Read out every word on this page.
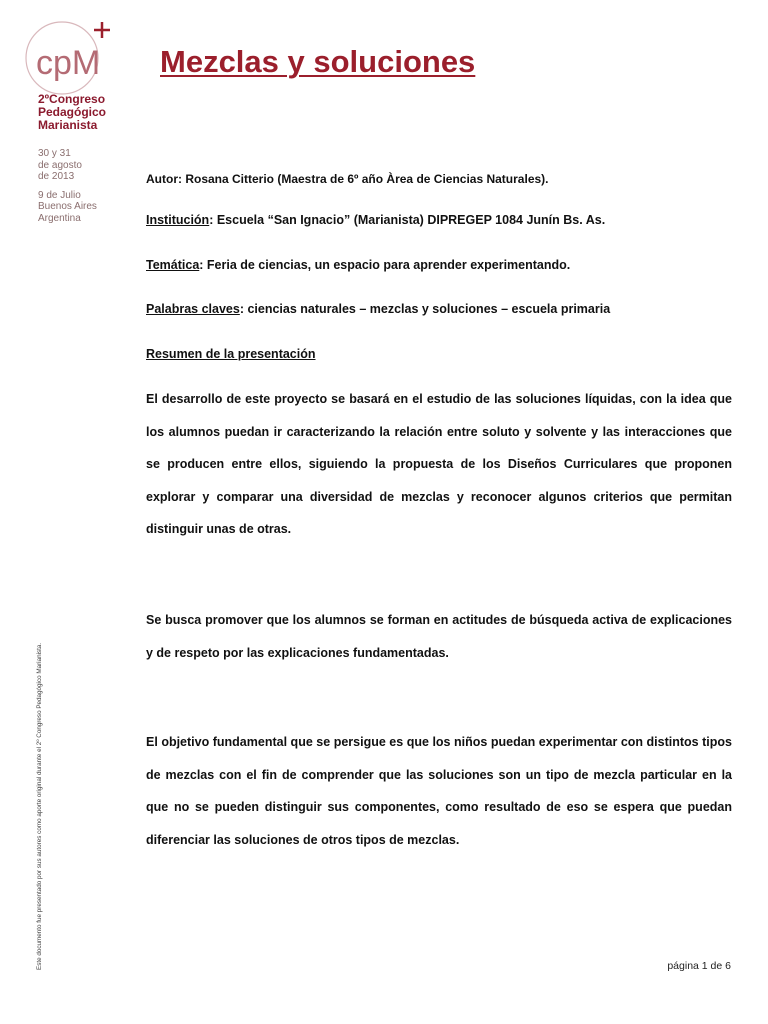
cpM
2ºCongreso
Pedagógico
Marianista
30 y 31
de agosto
de 2013
9 de Julio
Buenos Aires
Argentina
Mezclas y soluciones
Autor: Rosana Citterio (Maestra de 6º año Àrea de Ciencias Naturales).
Institución: Escuela “San Ignacio” (Marianista) DIPREGEP 1084 Junín Bs. As.
Temática: Feria de ciencias, un espacio para aprender experimentando.
Palabras claves: ciencias naturales – mezclas y soluciones – escuela primaria
Resumen de la presentación

El desarrollo de este proyecto se basará en el estudio de las soluciones líquidas, con la idea que los alumnos puedan ir caracterizando la relación entre soluto y solvente y las interacciones que se producen entre ellos, siguiendo la propuesta de los Diseños Curriculares que proponen explorar y comparar una diversidad de mezclas y reconocer algunos criterios que permitan distinguir unas de otras.

Se busca promover que los alumnos se forman en actitudes de búsqueda activa de explicaciones y de respeto por las explicaciones fundamentadas.

El objetivo fundamental que se persigue es que los niños puedan experimentar con distintos tipos de mezclas con el fin de comprender que las soluciones son un tipo de mezcla particular en la que no se pueden distinguir sus componentes, como resultado de eso se espera que puedan diferenciar las soluciones de otros tipos de mezclas.

Este documento fue presentado por sus autores como aporte original durante el 2º Congreso Pedagógico Marianista.	página 1 de 6
